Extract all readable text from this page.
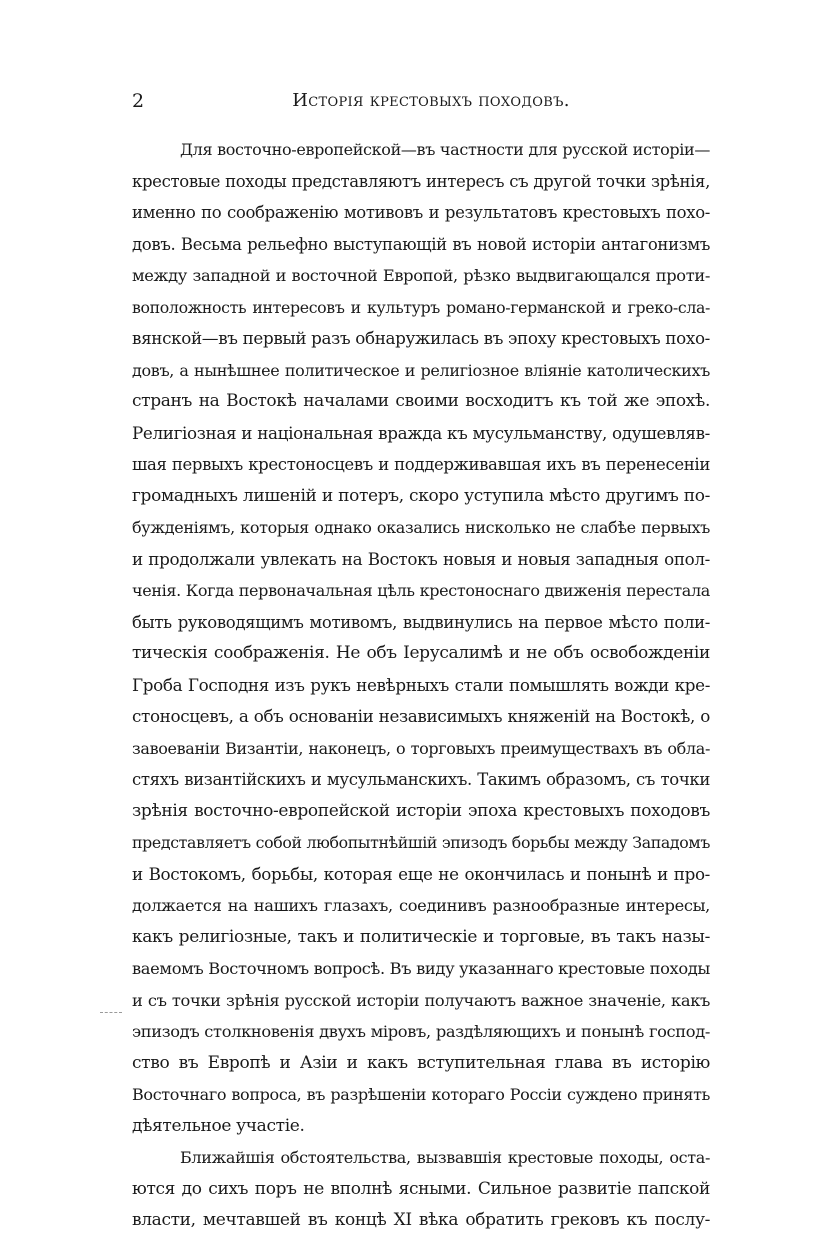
2	Исторія крестовыхъ походовъ.

Для восточно-европейской—въ частности для русской исторіи—
крестовые походы представляютъ интересъ съ другой точки зрѣнія,
именно по соображенію мотивовъ и результатовъ крестовыхъ похо-
довъ. Весьма рельефно выступающій въ новой исторіи антагонизмъ
между западной и восточной Европой, рѣзко выдвигающался проти-
воположность интересовъ и культуръ романо-германской и греко-сла-
вянской—въ первый разъ обнаружилась въ эпоху крестовыхъ похо-
довъ, а нынѣшнее политическое и религіозное вліяніе католическихъ
странъ на Востокѣ началами своими восходитъ къ той же эпохѣ.
Религіозная и національная вражда къ мусульманству, одушевляв-
шая первыхъ крестоносцевъ и поддерживавшая ихъ въ перенесеніи
громадныхъ лишеній и потеръ, скоро уступила мѣсто другимъ по-
бужденіямъ, которыя однако оказались нисколько не слабѣе первыхъ
и продолжали увлекать на Востокъ новыя и новыя западныя опол-
ченія. Когда первоначальная цѣль крестоноснаго движенія перестала
быть руководящимъ мотивомъ, выдвинулись на первое мѣсто поли-
тическія соображенія. Не объ Іерусалимѣ и не объ освобожденіи
Гроба Господня изъ рукъ невѣрныхъ стали помышлять вожди кре-
стоносцевъ, а объ основаніи независимыхъ княженій на Востокѣ, о
завоеваніи Византіи, наконецъ, о торговыхъ преимуществахъ въ обла-
стяхъ византійскихъ и мусульманскихъ. Такимъ образомъ, съ точки
зрѣнія восточно-европейской исторіи эпоха крестовыхъ походовъ
представляетъ собой любопытнѣйшій эпизодъ борьбы между Западомъ
и Востокомъ, борьбы, которая еще не окончилась и понынѣ и про-
должается на нашихъ глазахъ, соединивъ разнообразные интересы,
какъ религіозные, такъ и политическіе и торговые, въ такъ назы-
ваемомъ Восточномъ вопросѣ. Въ виду указаннаго крестовые походы
и съ точки зрѣнія русской исторіи получаютъ важное значеніе, какъ
эпизодъ столкновенія двухъ міровъ, раздѣляющихъ и понынѣ господ-
ство въ Европѣ и Азіи и какъ вступительная глава въ исторію
Восточнаго вопроса, въ разрѣшеніи котораго Россіи суждено принять
дѣятельное участіе.

Ближайшія обстоятельства, вызвавшія крестовые походы, оста-
ются до сихъ поръ не вполнѣ ясными. Сильное развитіе папской
власти, мечтавшей въ концѣ XI вѣка обратить грековъ къ послу-
